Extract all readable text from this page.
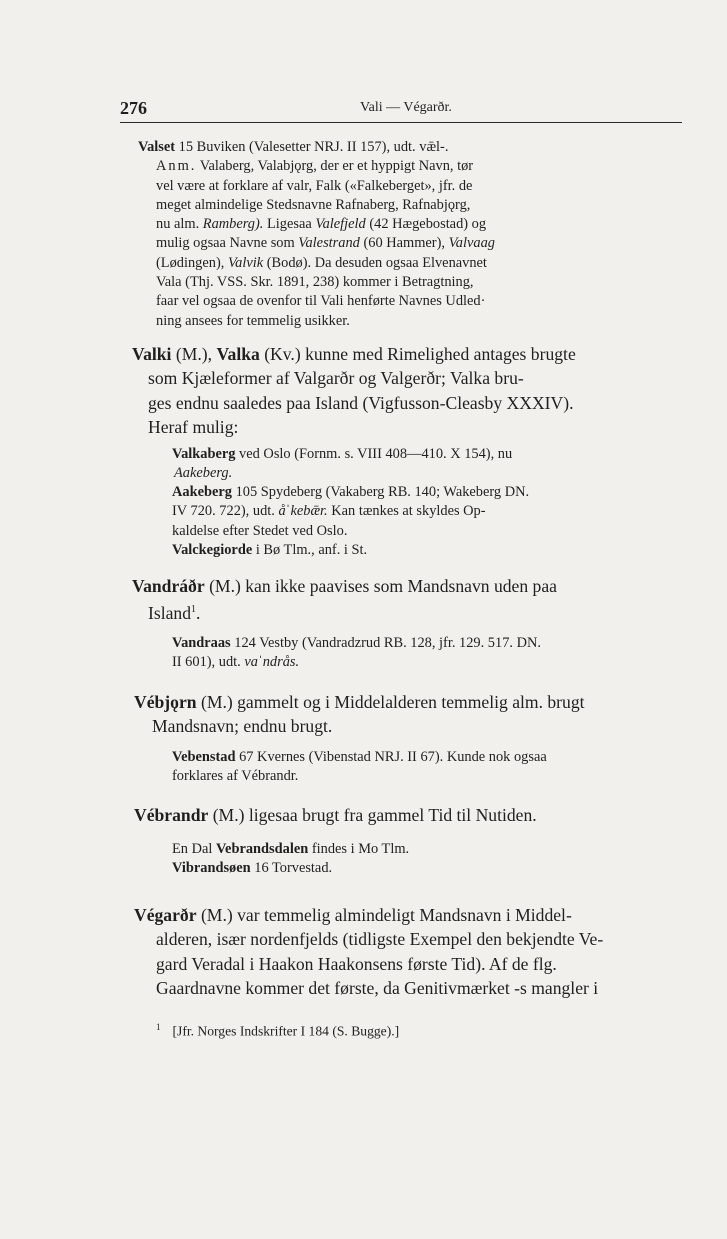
276	Vali — Végarðr.
Valset 15 Buviken (Valesetter NRJ. II 157), udt. vǣl-.
Anm. Valaberg, Valabjǫrg, der er et hyppigt Navn, tør
vel være at forklare af valr, Falk («Falkeberget», jfr. de
meget almindelige Stedsnavne Rafnaberg, Rafnabjǫrg,
nu alm. Ramberg). Ligesaa Valefjeld (42 Hægebostad) og
mulig ogsaa Navne som Valestrand (60 Hammer), Valvaag
(Lødingen), Valvik (Bodø). Da desuden ogsaa Elvenavnet
Vala (Thj. VSS. Skr. 1891, 238) kommer i Betragtning,
faar vel ogsaa de ovenfor til Vali henførte Navnes Udled·
ning ansees for temmelig usikker.
Valki (M.), Valka (Kv.) kunne med Rimelighed antages brugte
som Kjæleformer af Valgarðr og Valgerðr; Valka bru-
ges endnu saaledes paa Island (Vigfusson-Cleasby XXXIV).
Heraf mulig:
Valkaberg ved Oslo (Fornm. s. VIII 408—410. X 154), nu
Aakeberg.
Aakeberg 105 Spydeberg (Vakaberg RB. 140; Wakeberg DN.
IV 720. 722), udt. åˈkebǣr. Kan tænkes at skyldes Op-
kaldelse efter Stedet ved Oslo.
Valckegiorde i Bø Tlm., anf. i St.
Vandráðr (M.) kan ikke paavises som Mandsnavn uden paa
Island$^1$.
Vandraas 124 Vestby (Vandradzrud RB. 128, jfr. 129. 517. DN.
II 601), udt. vaˈndrås.
Vébjǫrn (M.) gammelt og i Middelalderen temmelig alm. brugt
Mandsnavn; endnu brugt.
Vebenstad 67 Kvernes (Vibenstad NRJ. II 67). Kunde nok ogsaa
forklares af Vébrandr.
Vébrandr (M.) ligesaa brugt fra gammel Tid til Nutiden.
En Dal Vebrandsdalen findes i Mo Tlm.
Vibrandsøen 16 Torvestad.
Végarðr (M.) var temmelig almindeligt Mandsnavn i Middel-
alderen, især nordenfjelds (tidligste Exempel den bekjendte Ve-
gard Veradal i Haakon Haakonsens første Tid). Af de flg.
Gaardnavne kommer det første, da Genitivmærket -s mangler i
$^1$ [Jfr. Norges Indskrifter I 184 (S. Bugge).]
